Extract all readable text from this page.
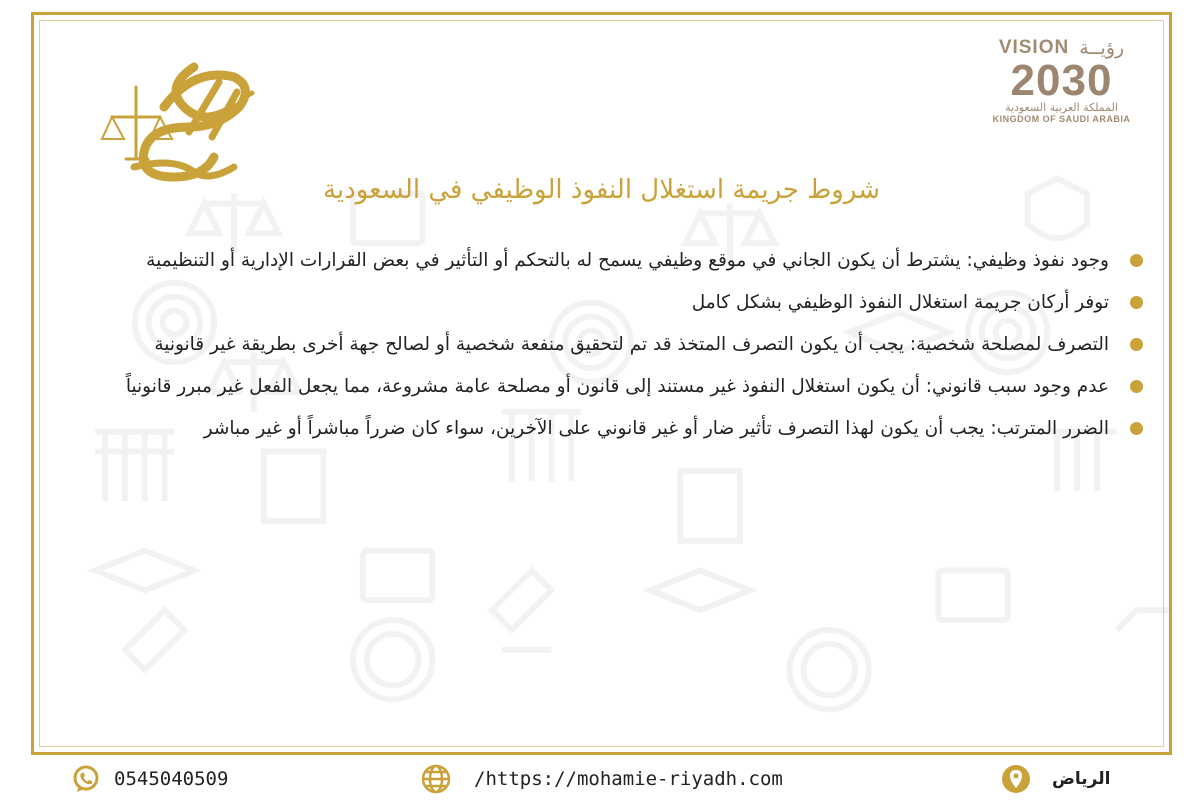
VISION رؤيــة
2030
المملكة العربية السعودية
KINGDOM OF SAUDI ARABIA
شروط جريمة استغلال النفوذ الوظيفي في السعودية
وجود نفوذ وظيفي: يشترط أن يكون الجاني في موقع وظيفي يسمح له بالتحكم أو التأثير في بعض القرارات الإدارية أو التنظيمية
توفر أركان جريمة استغلال النفوذ الوظيفي بشكل كامل
التصرف لمصلحة شخصية: يجب أن يكون التصرف المتخذ قد تم لتحقيق منفعة شخصية أو لصالح جهة أخرى بطريقة غير قانونية
عدم وجود سبب قانوني: أن يكون استغلال النفوذ غير مستند إلى قانون أو مصلحة عامة مشروعة، مما يجعل الفعل غير مبرر قانونياً
الضرر المترتب: يجب أن يكون لهذا التصرف تأثير ضار أو غير قانوني على الآخرين، سواء كان ضرراً مباشراً أو غير مباشر
0545040509	/https://mohamie-riyadh.com	الرياض
